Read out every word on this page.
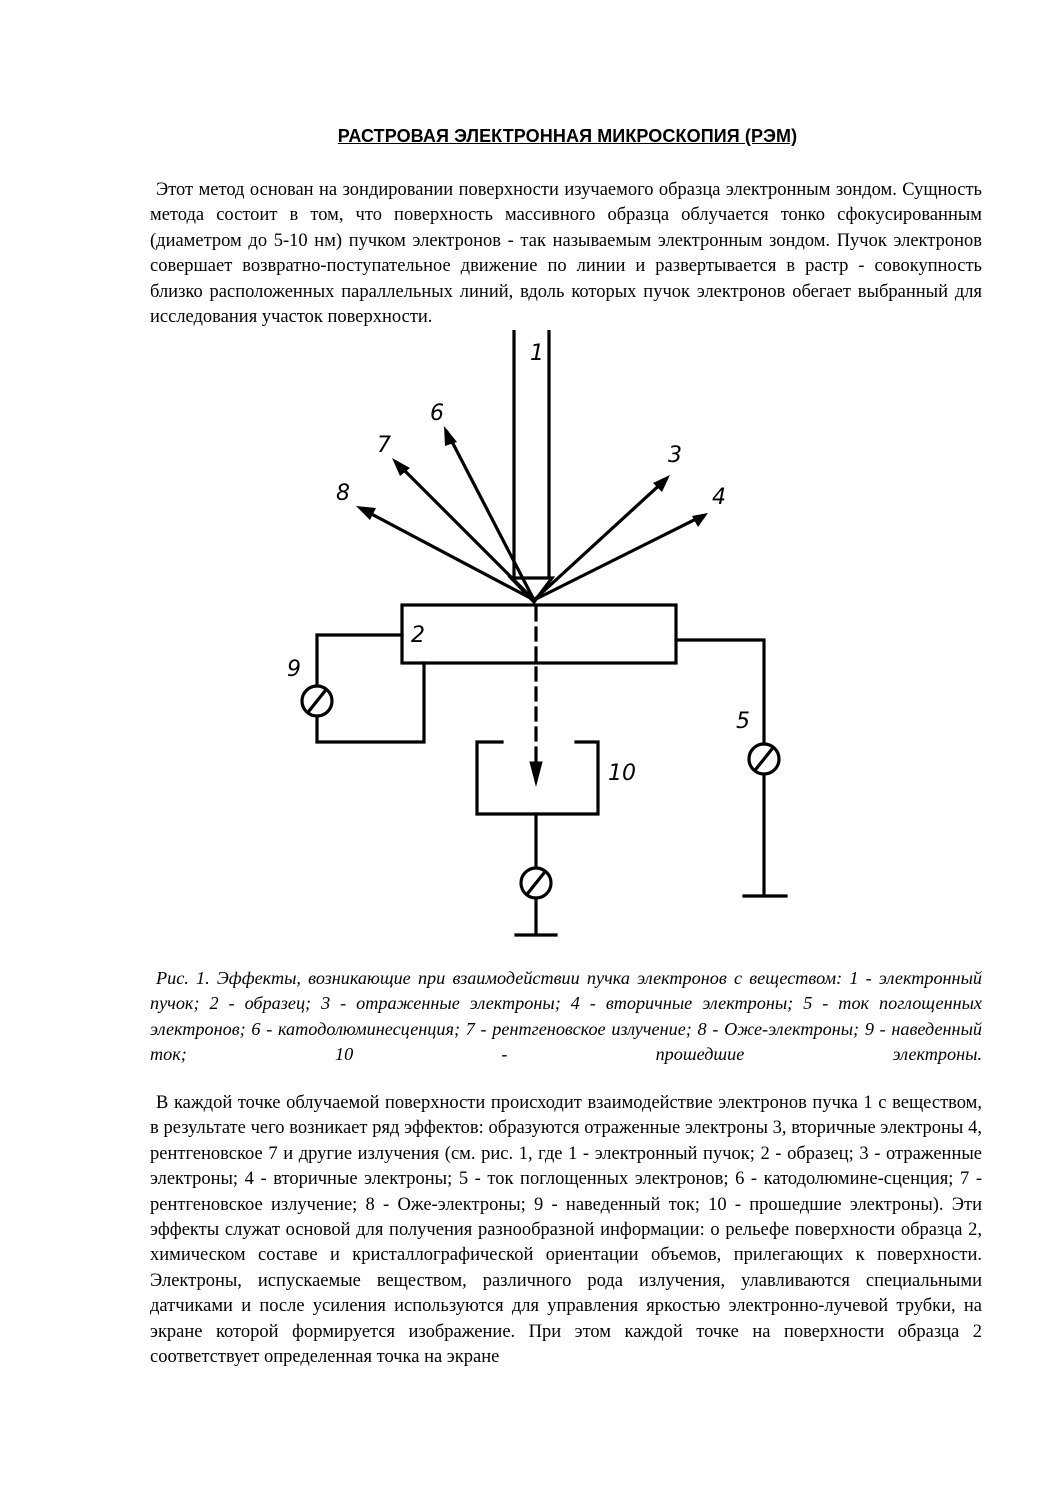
РАСТРОВАЯ ЭЛЕКТРОННАЯ МИКРОСКОПИЯ (РЭМ)

Этот метод основан на зондировании поверхности изучаемого образца электронным зондом. Сущность метода состоит в том, что поверхность массивного образца облучается тонко сфокусированным (диаметром до 5-10 нм) пучком электронов - так называемым электронным зондом. Пучок электронов совершает возвратно-поступательное движение по линии и развертывается в растр - совокупность близко расположенных параллельных линий, вдоль которых пучок электронов обегает выбранный для исследования участок поверхности.

1
2
3
4
5
6
7
8
9
10

Рис. 1. Эффекты, возникающие при взаимодействии пучка электронов с веществом: 1 - электронный пучок; 2 - образец; 3 - отраженные электроны; 4 - вторичные электроны; 5 - ток поглощенных электронов; 6 - катодолюминесценция; 7 - рентгеновское излучение; 8 - Оже-электроны; 9 - наведенный ток; 10 - прошедшие электроны.

В каждой точке облучаемой поверхности происходит взаимодействие электронов пучка 1 с веществом, в результате чего возникает ряд эффектов: образуются отраженные электроны 3, вторичные электроны 4, рентгеновское 7 и другие излучения (см. рис. 1, где 1 - электронный пучок; 2 - образец; 3 - отраженные электроны; 4 - вторичные электроны; 5 - ток поглощенных электронов; 6 - катодолюмине-сценция; 7 - рентгеновское излучение; 8 - Оже-электроны; 9 - наведенный ток; 10 - прошедшие электроны). Эти эффекты служат основой для получения разнообразной информации: о рельефе поверхности образца 2, химическом составе и кристаллографической ориентации объемов, прилегающих к поверхности. Электроны, испускаемые веществом, различного рода излучения, улавливаются специальными датчиками и после усиления используются для управления яркостью электронно-лучевой трубки, на экране которой формируется изображение. При этом каждой точке на поверхности образца 2 соответствует определенная точка на экране
